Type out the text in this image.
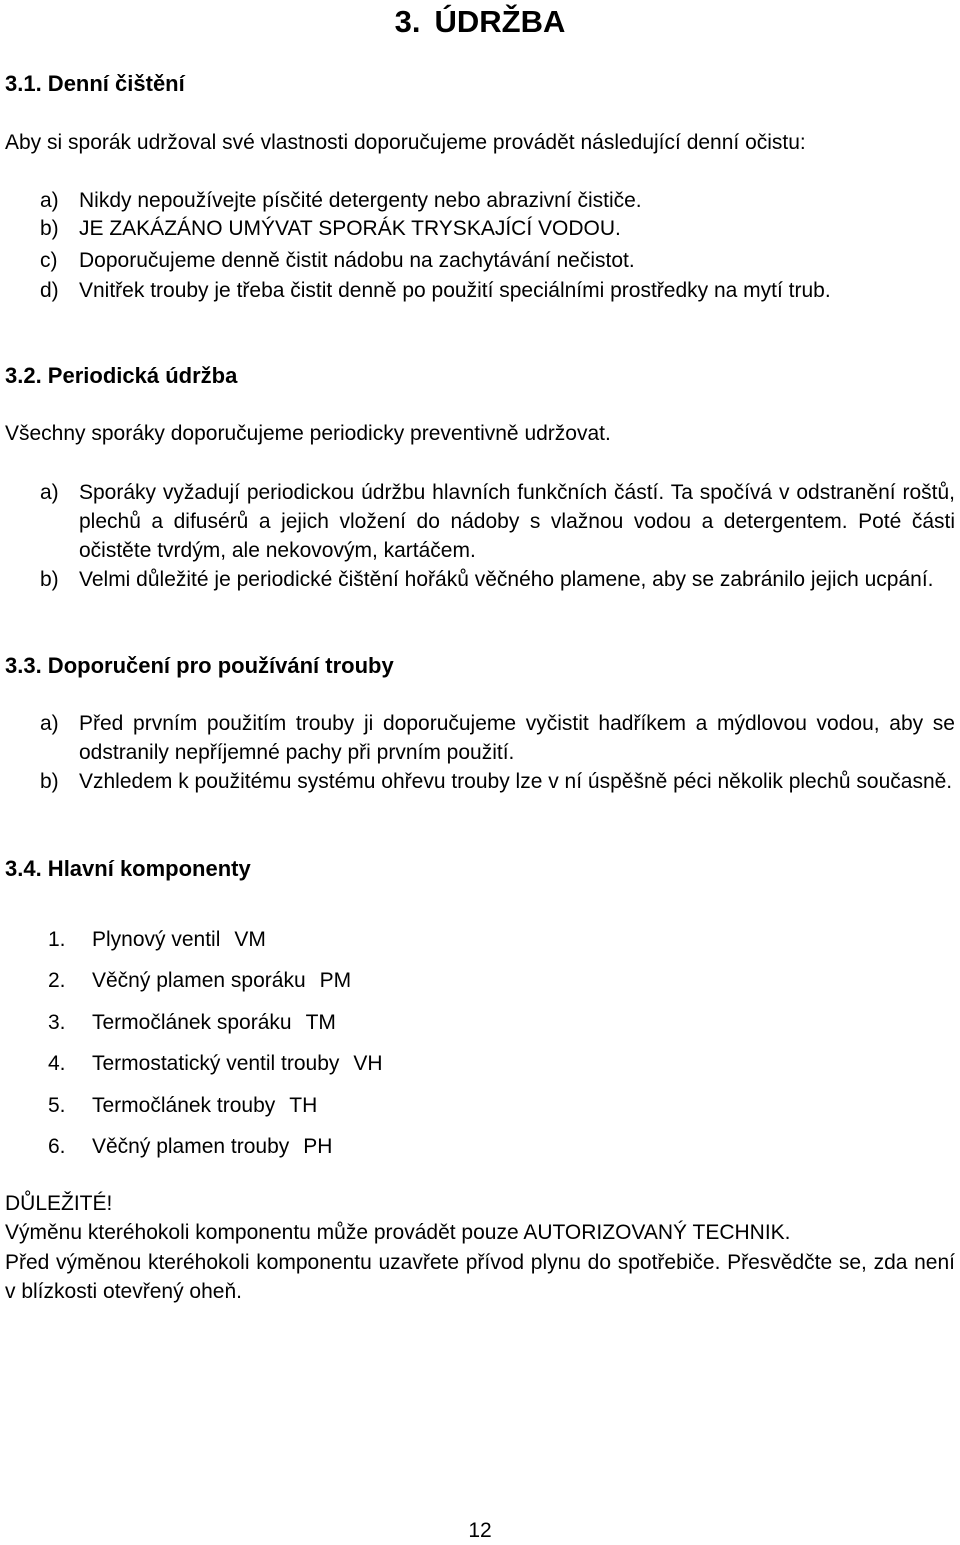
3. ÚDRŽBA
3.1. Denní čištění
Aby si sporák udržoval své vlastnosti doporučujeme provádět následující denní očistu:
a) Nikdy nepoužívejte písčité detergenty nebo abrazivní čističe.
b) JE ZAKÁZÁNO UMÝVAT SPORÁK TRYSKAJÍCÍ VODOU.
c)	Doporučujeme denně čistit nádobu na zachytávání nečistot.
d) Vnitřek trouby je třeba čistit denně po použití speciálními prostředky na mytí trub.
3.2. Periodická údržba
Všechny sporáky doporučujeme periodicky preventivně udržovat.
a) Sporáky vyžadují periodickou údržbu hlavních funkčních částí. Ta spočívá v odstranění roštů, plechů a difusérů a jejich vložení do nádoby s vlažnou vodou a detergentem. Poté části očistěte tvrdým, ale nekovovým, kartáčem.
b) Velmi důležité je periodické čištění hořáků věčného plamene, aby se zabránilo jejich ucpání.
3.3. Doporučení pro používání trouby
a) Před prvním použitím trouby ji doporučujeme vyčistit hadříkem a mýdlovou vodou, aby se odstranily nepříjemné pachy při prvním použití.
b) Vzhledem k použitému systému ohřevu trouby lze v ní úspěšně péci několik plechů současně.
3.4. Hlavní komponenty
1.	Plynový ventil VM
2.	Věčný plamen sporáku PM
3.	Termočlánek sporáku TM
4.	Termostatický ventil trouby VH
5.	Termočlánek trouby TH
6.	Věčný plamen trouby PH
DŮLEŽITÉ!
Výměnu kteréhokoli komponentu může provádět pouze AUTORIZOVANÝ TECHNIK.
Před výměnou kteréhokoli komponentu uzavřete přívod plynu do spotřebiče. Přesvědčte se, zda není v blízkosti otevřený oheň.
12
